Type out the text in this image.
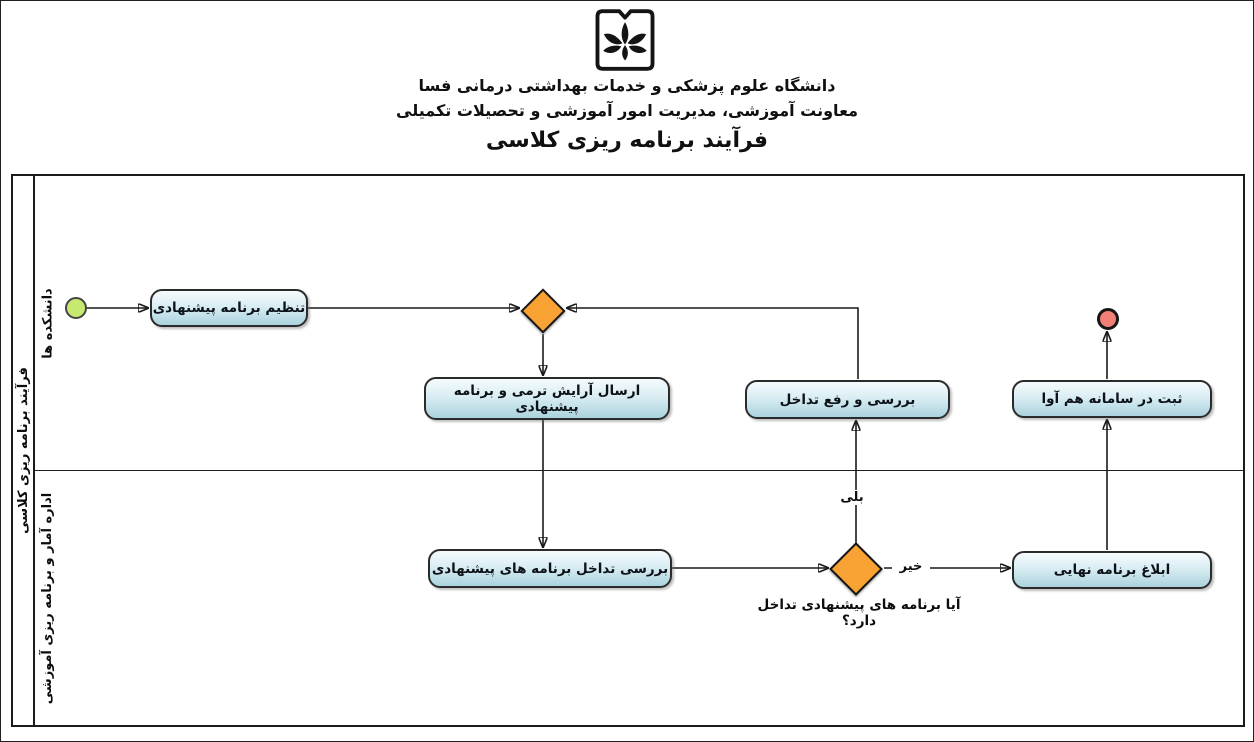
دانشگاه علوم پزشکی و خدمات بهداشتی درمانی فسا
معاونت آموزشی، مدیریت امور آموزشی و تحصیلات تکمیلی
فرآیند برنامه ریزی کلاسی
فرآیند برنامه ریزی کلاسی
دانشکده ها
اداره آمار و برنامه ریزی آموزشی
تنظیم برنامه پیشنهادی
ارسال آرایش ترمی و برنامه پیشنهادی	بررسی و رفع تداخل	ثبت در سامانه هم آوا
بررسی تداخل برنامه های پیشنهادی	ابلاغ برنامه نهایی
بلی
خیر
آیا برنامه های پیشنهادی تداخل دارد؟
